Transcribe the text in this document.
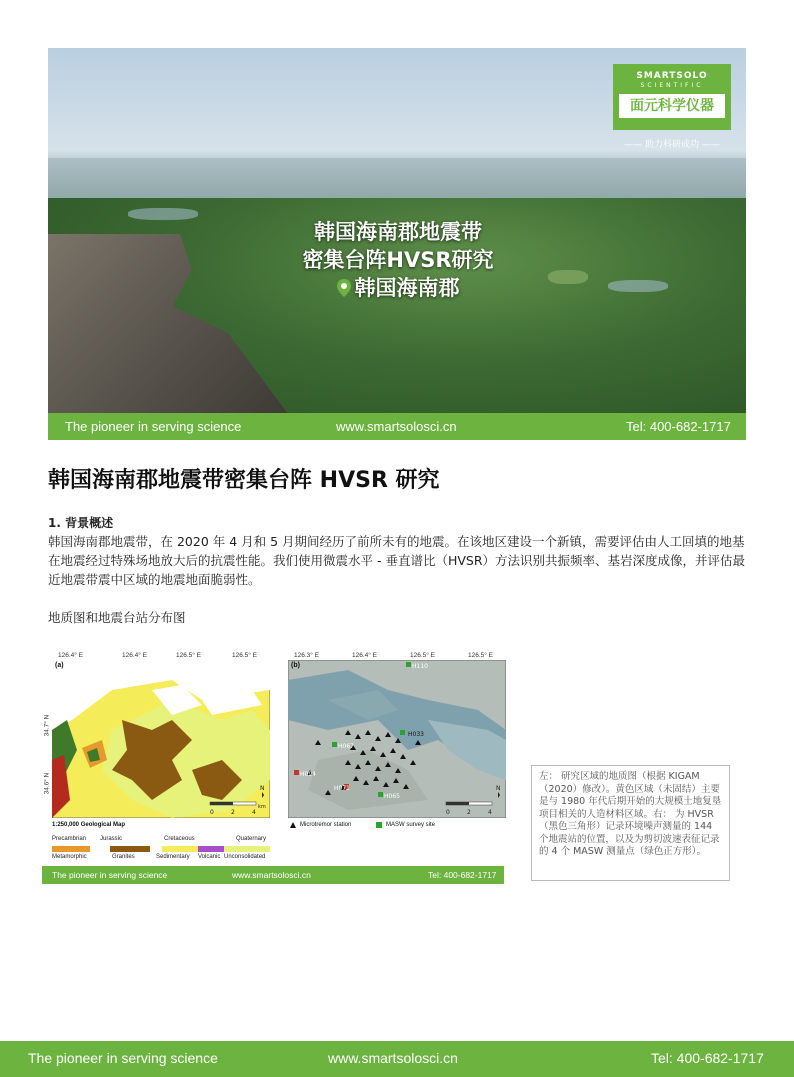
韩国海南郡地震带
密集台阵HVSR研究
韩国海南郡
SMARTSOLO
SCIENTIFIC
面元科学仪器
—— 助力科研成功 ——
The pioneer in serving science	www.smartsolosci.cn	Tel: 400-682-1717
韩国海南郡地震带密集台阵 HVSR 研究
1. 背景概述
韩国海南郡地震带，在 2020 年 4 月和 5 月期间经历了前所未有的地震。在该地区建设一个新镇，需要评估由人工回填的地基在地震经过特殊场地放大后的抗震性能。我们使用微震水平 - 垂直谱比（HVSR）方法识别共振频率、基岩深度成像，并评估最近地震带震中区域的地震地面脆弱性。
地质图和地震台站分布图
0	2	4
km
N
(a)
126.4° E	126.4° E	126.5° E	126.5° E
34.7° N
34.6° N
0	2	4
N
H110
H067
H033
H094
H071
H065
(b)
126.3° E	126.4° E	126.5° E	126.5° E
1:250,000 Geological Map
Precambrian Jurassic	Cretaceous	Quaternary
Metamorphic	Granites	Sedimentary Volcanic Unconsolidated
Microtremor station	MASW survey site
The pioneer in serving science	www.smartsolosci.cn	Tel: 400-682-1717
左： 研究区域的地质图（根据 KIGAM（2020）修改）。黄色区域（未固结）主要是与 1980 年代后期开始的大规模土地复垦项目相关的人造材料区域。右： 为 HVSR（黑色三角形）记录环境噪声测量的 144 个地震站的位置，以及为剪切波速表征记录的 4 个 MASW 测量点（绿色正方形）。
The pioneer in serving science	www.smartsolosci.cn	Tel: 400-682-1717
